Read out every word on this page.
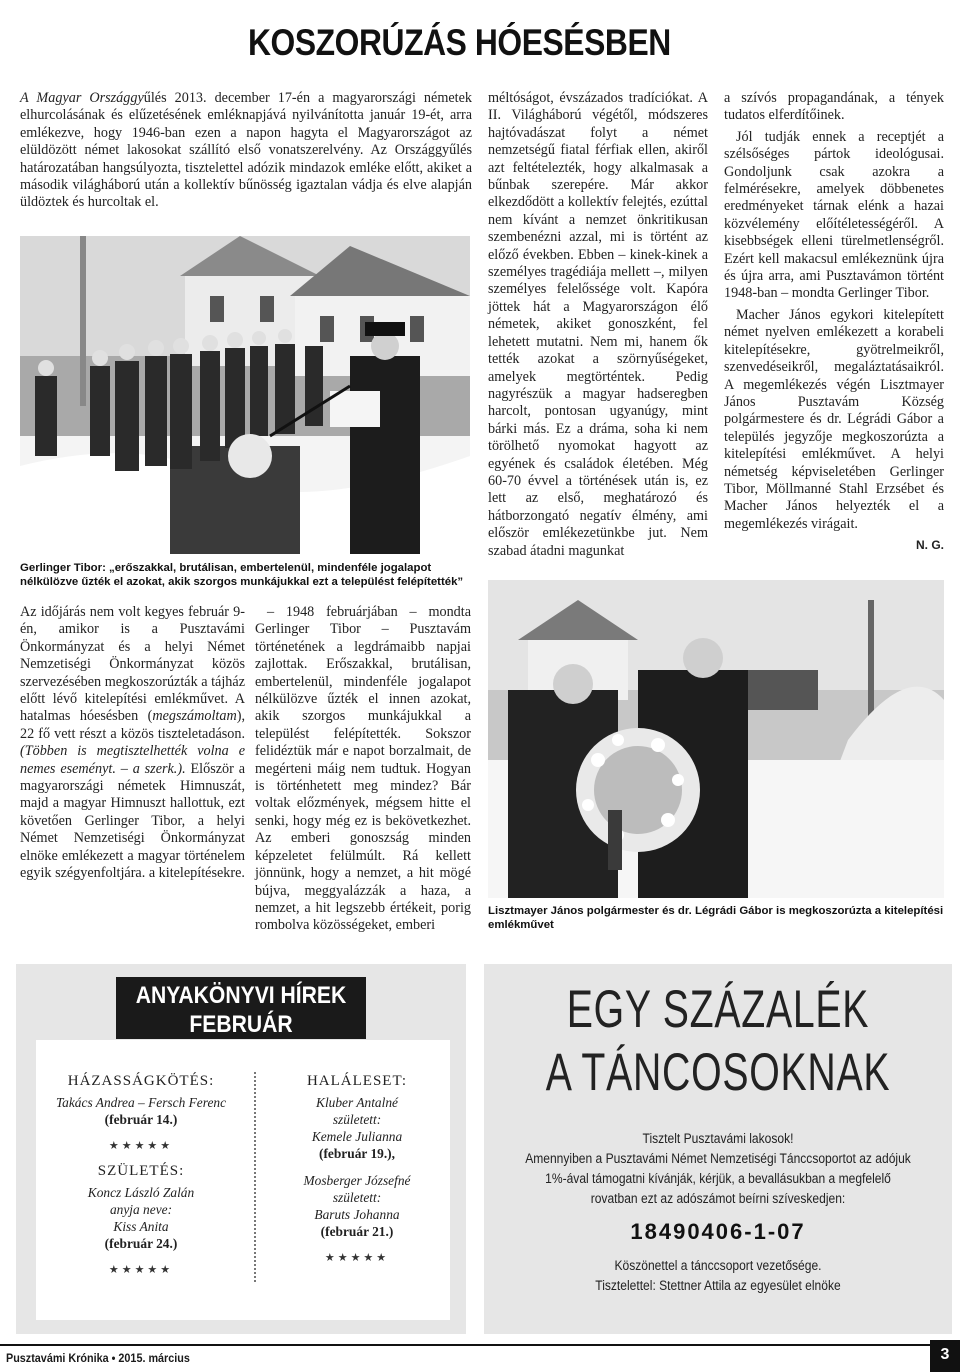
KOSZORÚZÁS HÓESÉSBEN
A Magyar Országgyűlés 2013. december 17-én a magyarországi németek elhurcolásának és elűzetésének emléknapjává nyilvánította január 19-ét, arra emlékezve, hogy 1946-ban ezen a napon hagyta el Magyarországot az elüldözött német lakosokat szállító első vonatszerelvény. Az Országgyűlés határozatában hangsúlyozta, tisztelettel adózik mindazok emléke előtt, akiket a második világháború után a kollektív bűnösség igaztalan vádja és elve alapján üldöztek és hurcoltak el.
Gerlinger Tibor: „erőszakkal, brutálisan, embertelenül, mindenféle jogalapot nélkülözve űzték el azokat, akik szorgos munkájukkal ezt a települést felépítették”

Az időjárás nem volt kegyes február 9-én, amikor is a Pusztavámi Önkormányzat és a helyi Német Nemzetiségi Önkormányzat közös szervezésében megkoszorúzták a tájház előtt lévő kitelepítési emlékművet. A hatalmas hóesésben (megszámoltam), 22 fő vett részt a közös tiszteletadáson. (Többen is megtisztelhették volna e nemes eseményt. – a szerk.). Először a magyarországi németek Himnuszát, majd a magyar Himnuszt hallottuk, ezt követően Gerlinger Tibor, a helyi Német Nemzetiségi Önkormányzat elnöke emlékezett a magyar történelem egyik szégyenfoltjára. a kitelepítésekre.

– 1948 februárjában – mondta Gerlinger Tibor – Pusztavám történetének a legdrámaibb napjai zajlottak. Erőszakkal, brutálisan, embertelenül, mindenféle jogalapot nélkülözve űzték el innen azokat, akik szorgos munkájukkal a települést felépítették. Sokszor felidéztük már e napot borzalmait, de megérteni máig nem tudtuk. Hogyan is történhetett meg mindez? Bár voltak előzmények, mégsem hitte el senki, hogy még ez is bekövetkezhet. Az emberi gonoszság minden képzeletet felülmúlt. Rá kellett jönnünk, hogy a nemzet, a hit mögé bújva, meggyalázzák a haza, a nemzet, a hit legszebb értékeit, porig rombolva közösségeket, emberi

méltóságot, évszázados tradíciókat. A II. Világháború végétől, módszeres hajtóvadászat folyt a német nemzetségű fiatal férfiak ellen, akiről azt feltételezték, hogy alkalmasak a bűnbak szerepére. Már akkor elkezdődött a kollektív felejtés, ezúttal nem kívánt a nemzet önkritikusan szembenézni azzal, mi is történt az előző években. Ebben – kinek-kinek a személyes tragédiája mellett –, milyen személyes felelőssége volt. Kapóra jöttek hát a Magyarországon élő németek, akiket gonoszként, fel lehetett mutatni. Nem mi, hanem ők tették azokat a szörnyűségeket, amelyek megtörténtek. Pedig nagyrészük a magyar hadseregben harcolt, pontosan ugyanúgy, mint bárki más. Ez a dráma, soha ki nem törölhető nyomokat hagyott az egyének és családok életében. Még 60-70 évvel a történések után is, ez lett az első, meghatározó és hátborzongató negatív élmény, ami először emlékezetünkbe jut. Nem szabad átadni magunkat

a szívós propagandának, a tények tudatos elferdítőinek.

Jól tudják ennek a receptjét a szélsőséges pártok ideológusai. Gondoljunk csak azokra a felmérésekre, amelyek döbbenetes eredményeket tárnak elénk a hazai közvélemény előítéletességéről. A kisebbségek elleni türelmetlenségről. Ezért kell makacsul emlékeznünk újra és újra arra, ami Pusztavámon történt 1948-ban – mondta Gerlinger Tibor.

Macher János egykori kitelepített német nyelven emlékezett a korabeli kitelepítésekre, gyötrelmeikről, szenvedéseikről, megaláztatásaikról. A megemlékezés végén Lisztmayer János Pusztavám Község polgármestere és dr. Légrádi Gábor a település jegyzője megkoszorúzta a kitelepítési emlékművet. A helyi németség képviseletében Gerlinger Tibor, Möllmanné Stahl Erzsébet és Macher János helyezték el a megemlékezés virágait.

N. G.
Lisztmayer János polgármester és dr. Légrádi Gábor is megkoszorúzta a kitelepítési emlékművet
ANYAKÖNYVI HÍREK
FEBRUÁR
HÁZASSÁGKÖTÉS:
Takács Andrea – Fersch Ferenc
(február 14.)
★★★★★
SZÜLETÉS:
Koncz László Zalán
anyja neve:
Kiss Anita
(február 24.)
★★★★★
HALÁLESET:
Kluber Antalné
született:
Kemele Julianna
(február 19.),
Mosberger Józsefné
született:
Baruts Johanna
(február 21.)
★★★★★
EGY SZÁZALÉK
A TÁNCOSOKNAK
Tisztelt Pusztavámi lakosok!
Amennyiben a Pusztavámi Német Nemzetiségi Tánccsoportot az adójuk
1%-ával támogatni kívánják, kérjük, a bevallásukban a megfelelő
rovatban ezt az adószámot beírni szíveskedjen:
18490406-1-07
Köszönettel a tánccsoport vezetősége.
Tisztelettel: Stettner Attila az egyesület elnöke
Pusztavámi Krónika • 2015. március	3
